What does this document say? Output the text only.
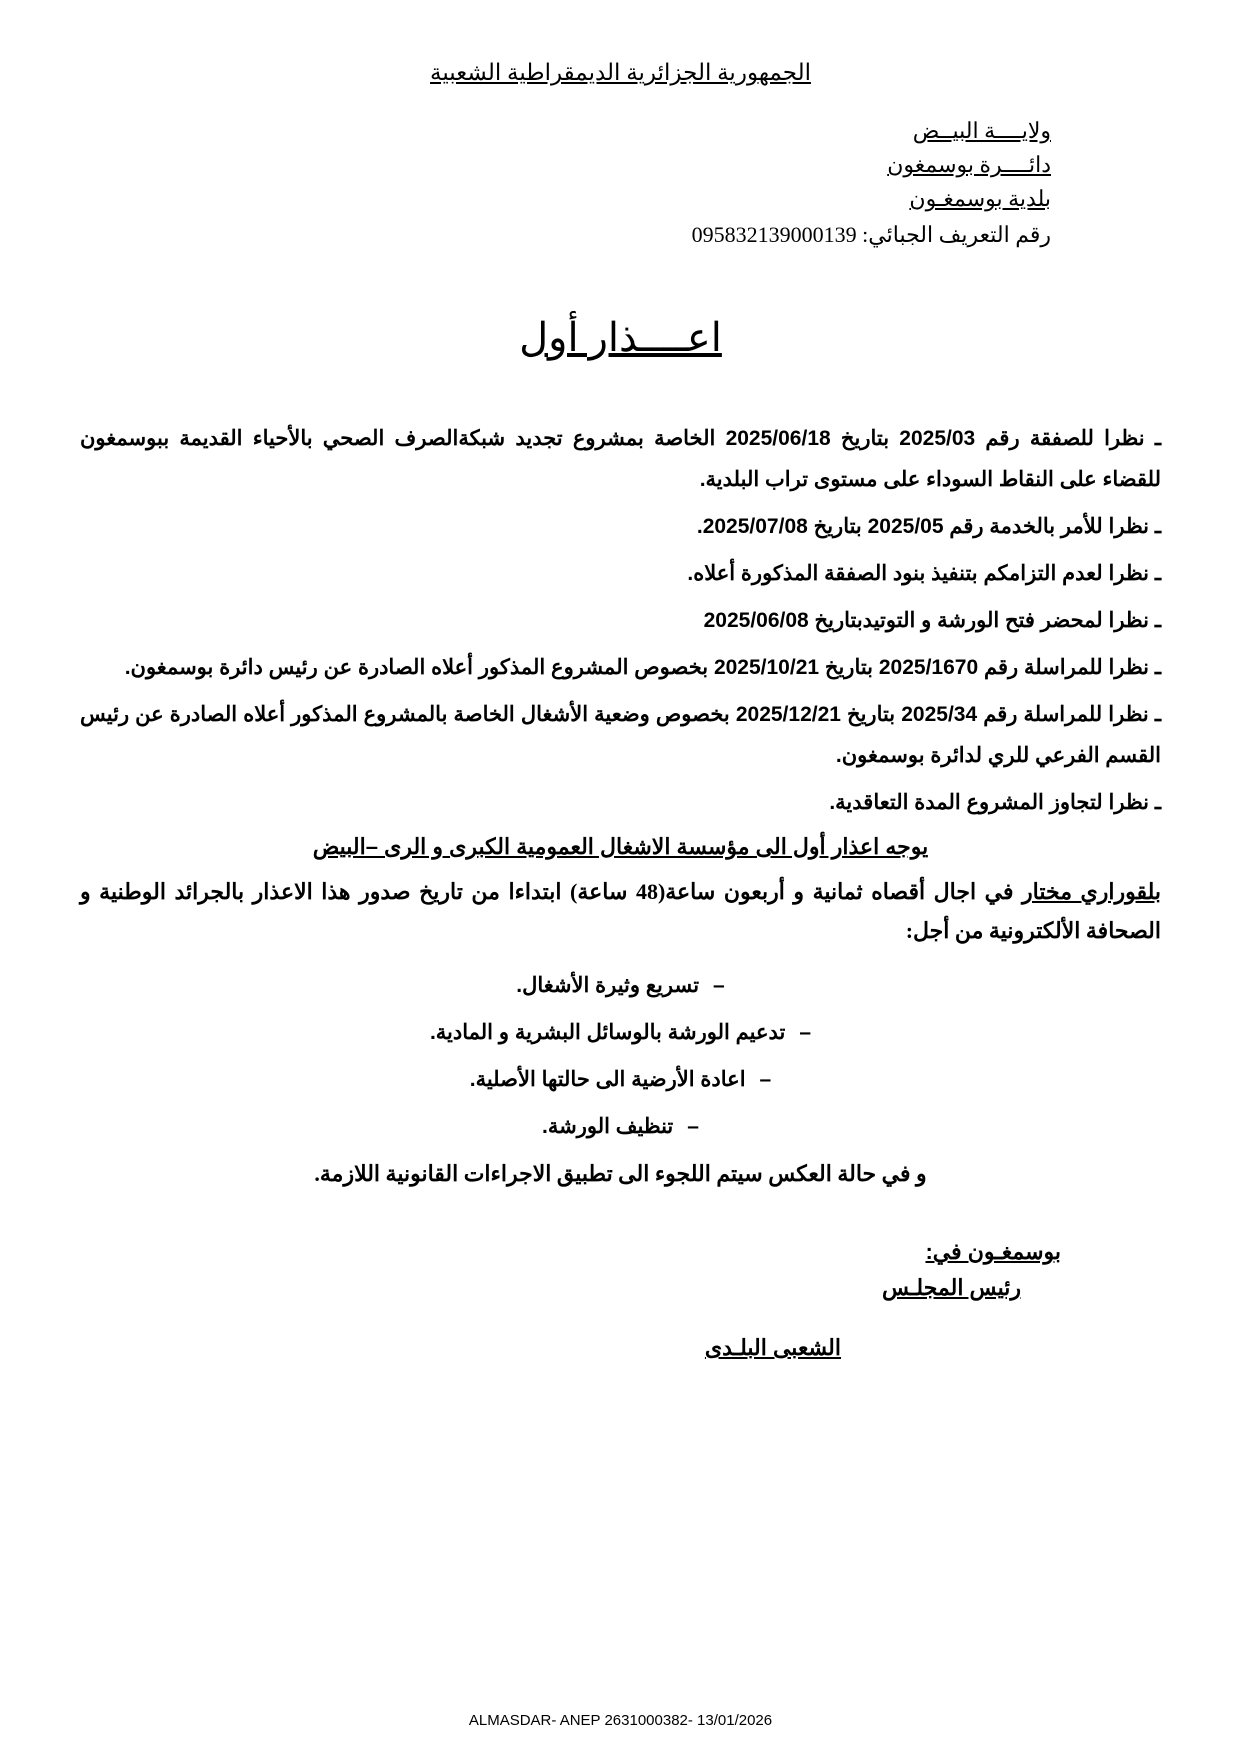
الجمهورية الجزائرية الديمقراطية الشعبية
ولايــــة البيــض
دائــــرة بوسمغون
بلدية بوسمغـون
رقم التعريف الجبائي: 095832139000139
اعــــذار أول

ـ نظرا للصفقة رقم 2025/03 بتاريخ 2025/06/18 الخاصة بمشروع تجديد شبكةالصرف الصحي بالأحياء القديمة ببوسمغون للقضاء على النقاط السوداء على مستوى تراب البلدية.

ـ نظرا للأمر بالخدمة رقم 2025/05 بتاريخ 2025/07/08.

ـ نظرا لعدم التزامكم بتنفيذ بنود الصفقة المذكورة أعلاه.

ـ نظرا لمحضر فتح الورشة و التوتيدبتاريخ 2025/06/08

ـ نظرا للمراسلة رقم 2025/1670 بتاريخ 2025/10/21 بخصوص المشروع المذكور أعلاه الصادرة عن رئيس دائرة بوسمغون.

ـ نظرا للمراسلة رقم 2025/34 بتاريخ 2025/12/21 بخصوص وضعية الأشغال الخاصة بالمشروع المذكور أعلاه الصادرة عن رئيس القسم الفرعي للري لدائرة بوسمغون.

ـ نظرا لتجاوز المشروع المدة التعاقدية.

يوجه اعذار أول الى مؤسسة الاشغال العمومية الكبرى و الرى –البيض
بلقوراري مختار في اجال أقصاه ثمانية و أربعون ساعة(48 ساعة) ابتداءا من تاريخ صدور هذا الاعذار بالجرائد الوطنية و الصحافة الألكترونية من أجل:
–تسريع وثيرة الأشغال.
–تدعيم الورشة بالوسائل البشرية و المادية.
–اعادة الأرضية الى حالتها الأصلية.
–تنظيف الورشة.
و في حالة العكس سيتم اللجوء الى تطبيق الاجراءات القانونية اللازمة.
بوسمغـون في:
رئيس المجلـس
الشعبى البلـدى
ALMASDAR- ANEP 2631000382- 13/01/2026
